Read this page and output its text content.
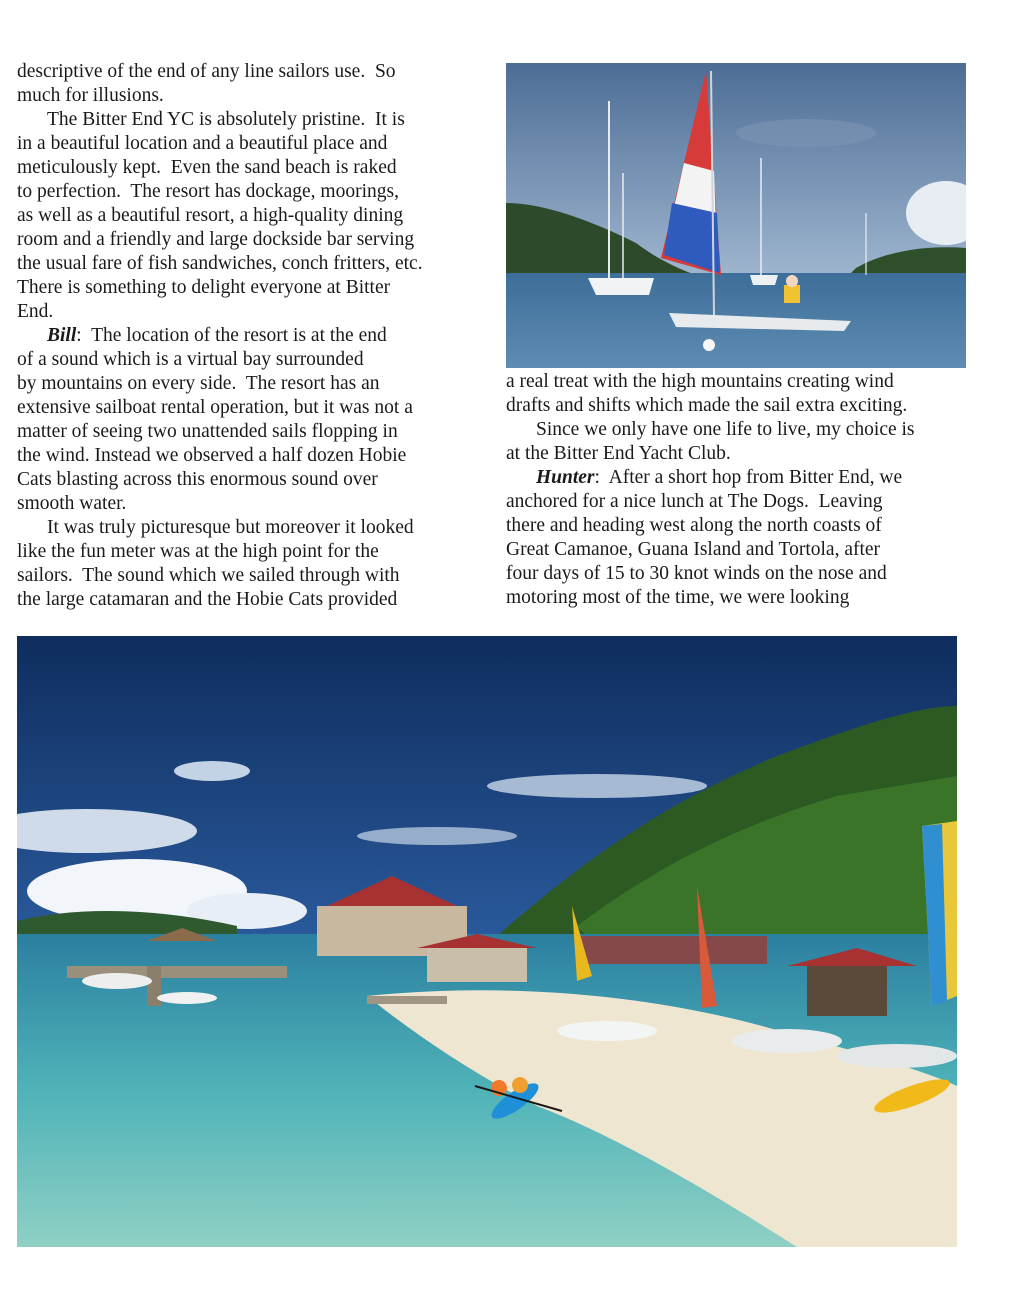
descriptive of the end of any line sailors use.  So

much for illusions.

The Bitter End YC is absolutely pristine.  It is

in a beautiful location and a beautiful place and

meticulously kept.  Even the sand beach is raked

to perfection.  The resort has dockage, moorings,

as well as a beautiful resort, a high-quality dining

room and a friendly and large dockside bar serving

the usual fare of fish sandwiches, conch fritters, etc.

There is something to delight everyone at Bitter

End.

Bill:  The location of the resort is at the end

of a sound which is a virtual bay surrounded

by mountains on every side.  The resort has an

extensive sailboat rental operation, but it was not a

matter of seeing two unattended sails flopping in

the wind. Instead we observed a half dozen Hobie

Cats blasting across this enormous sound over

smooth water.

It was truly picturesque but moreover it looked

like the fun meter was at the high point for the

sailors.  The sound which we sailed through with

the large catamaran and the Hobie Cats provided

a real treat with the high mountains creating wind

drafts and shifts which made the sail extra exciting.

Since we only have one life to live, my choice is

at the Bitter End Yacht Club.

Hunter:  After a short hop from Bitter End, we

anchored for a nice lunch at The Dogs.  Leaving

there and heading west along the north coasts of

Great Camanoe, Guana Island and Tortola, after

four days of 15 to 30 knot winds on the nose and

motoring most of the time, we were looking
